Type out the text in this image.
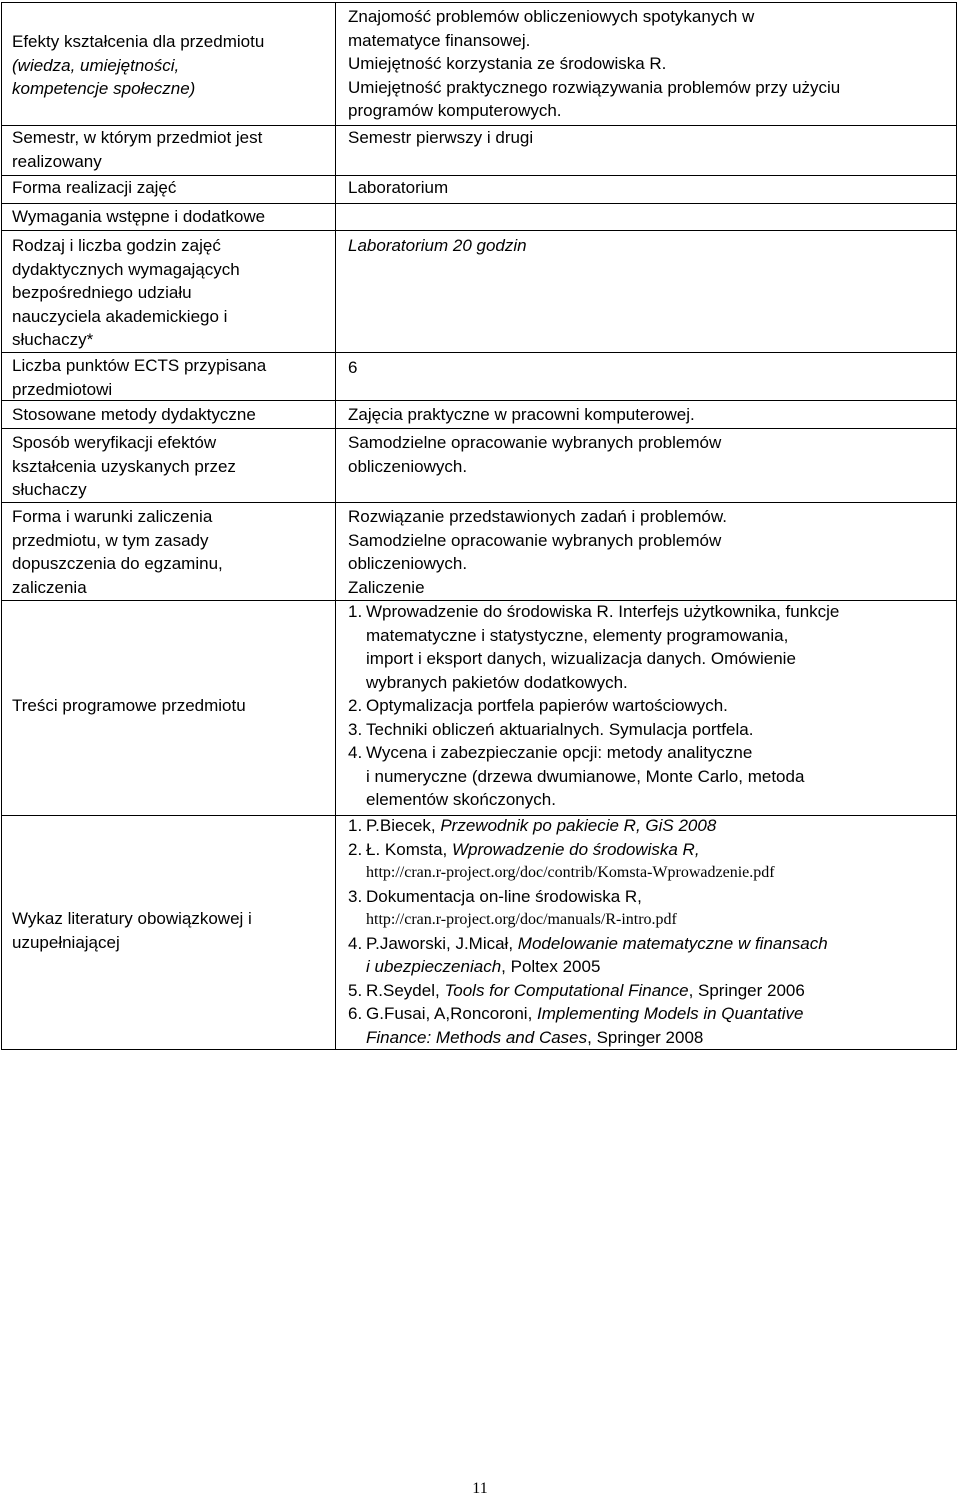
Efekty kształcenia dla przedmiotu
(wiedza, umiejętności,
kompetencje społeczne)
Znajomość problemów obliczeniowych spotykanych w
matematyce finansowej.
Umiejętność korzystania ze środowiska R.
Umiejętność praktycznego rozwiązywania problemów przy użyciu
programów komputerowych.
Semestr, w którym przedmiot jest
realizowany
Semestr pierwszy i drugi
Forma realizacji zajęć	Laboratorium
Wymagania wstępne i dodatkowe
Rodzaj i liczba godzin zajęć
dydaktycznych wymagających
bezpośredniego udziału
nauczyciela akademickiego i
słuchaczy*
Laboratorium 20 godzin
Liczba punktów ECTS przypisana
przedmiotowi
6
Stosowane metody dydaktyczne	Zajęcia praktyczne w pracowni komputerowej.
Sposób weryfikacji efektów
kształcenia uzyskanych przez
słuchaczy
Samodzielne opracowanie wybranych problemów
obliczeniowych.
Forma i warunki zaliczenia
przedmiotu, w tym zasady
dopuszczenia do egzaminu,
zaliczenia
Rozwiązanie przedstawionych zadań i problemów.
Samodzielne opracowanie wybranych problemów
obliczeniowych.
Zaliczenie
Treści programowe przedmiotu
1. Wprowadzenie do środowiska R. Interfejs użytkownika, funkcje
matematyczne i statystyczne, elementy programowania,
import i eksport danych, wizualizacja danych. Omówienie
wybranych pakietów dodatkowych.
2. Optymalizacja portfela papierów wartościowych.
3. Techniki obliczeń aktuarialnych. Symulacja portfela.
4. Wycena i zabezpieczanie opcji: metody analityczne
i numeryczne (drzewa dwumianowe, Monte Carlo, metoda
elementów skończonych.
Wykaz literatury obowiązkowej i
uzupełniającej
1. P.Biecek, Przewodnik po pakiecie R, GiS 2008
2. Ł. Komsta, Wprowadzenie do środowiska R,
http://cran.r-project.org/doc/contrib/Komsta-Wprowadzenie.pdf
3. Dokumentacja on-line środowiska R,
http://cran.r-project.org/doc/manuals/R-intro.pdf
4. P.Jaworski, J.Micał, Modelowanie matematyczne w finansach
i ubezpieczeniach, Poltex 2005
5. R.Seydel, Tools for Computational Finance, Springer 2006
6. G.Fusai, A,Roncoroni, Implementing Models in Quantative
Finance: Methods and Cases, Springer 2008
11
